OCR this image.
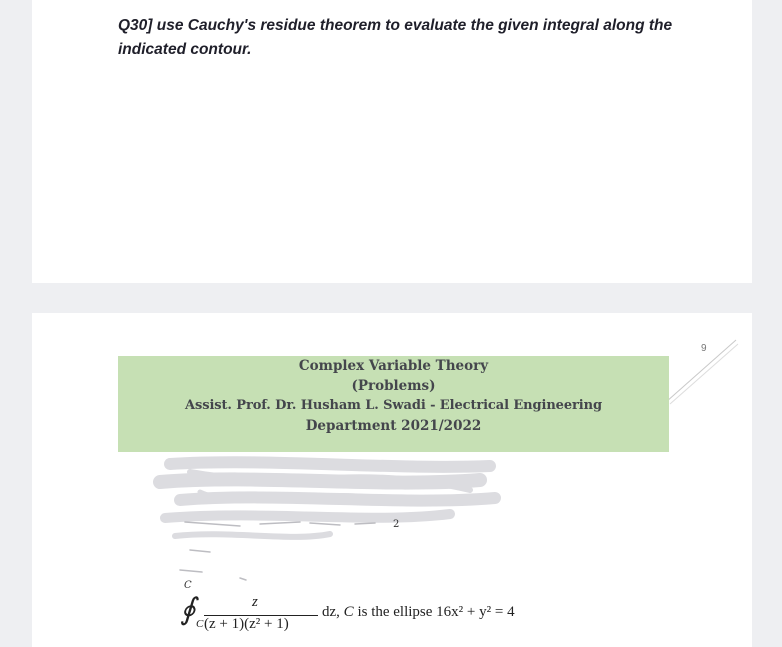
Q30] use Cauchy's residue theorem to evaluate the given integral along the indicated contour.

9
Complex Variable Theory
(Problems)
Assist. Prof. Dr. Husham L. Swadi - Electrical Engineering
Department 2021/2022
2
C
∮ C
z
(z + 1)(z² + 1)
dz, C is the ellipse 16x² + y² = 4
